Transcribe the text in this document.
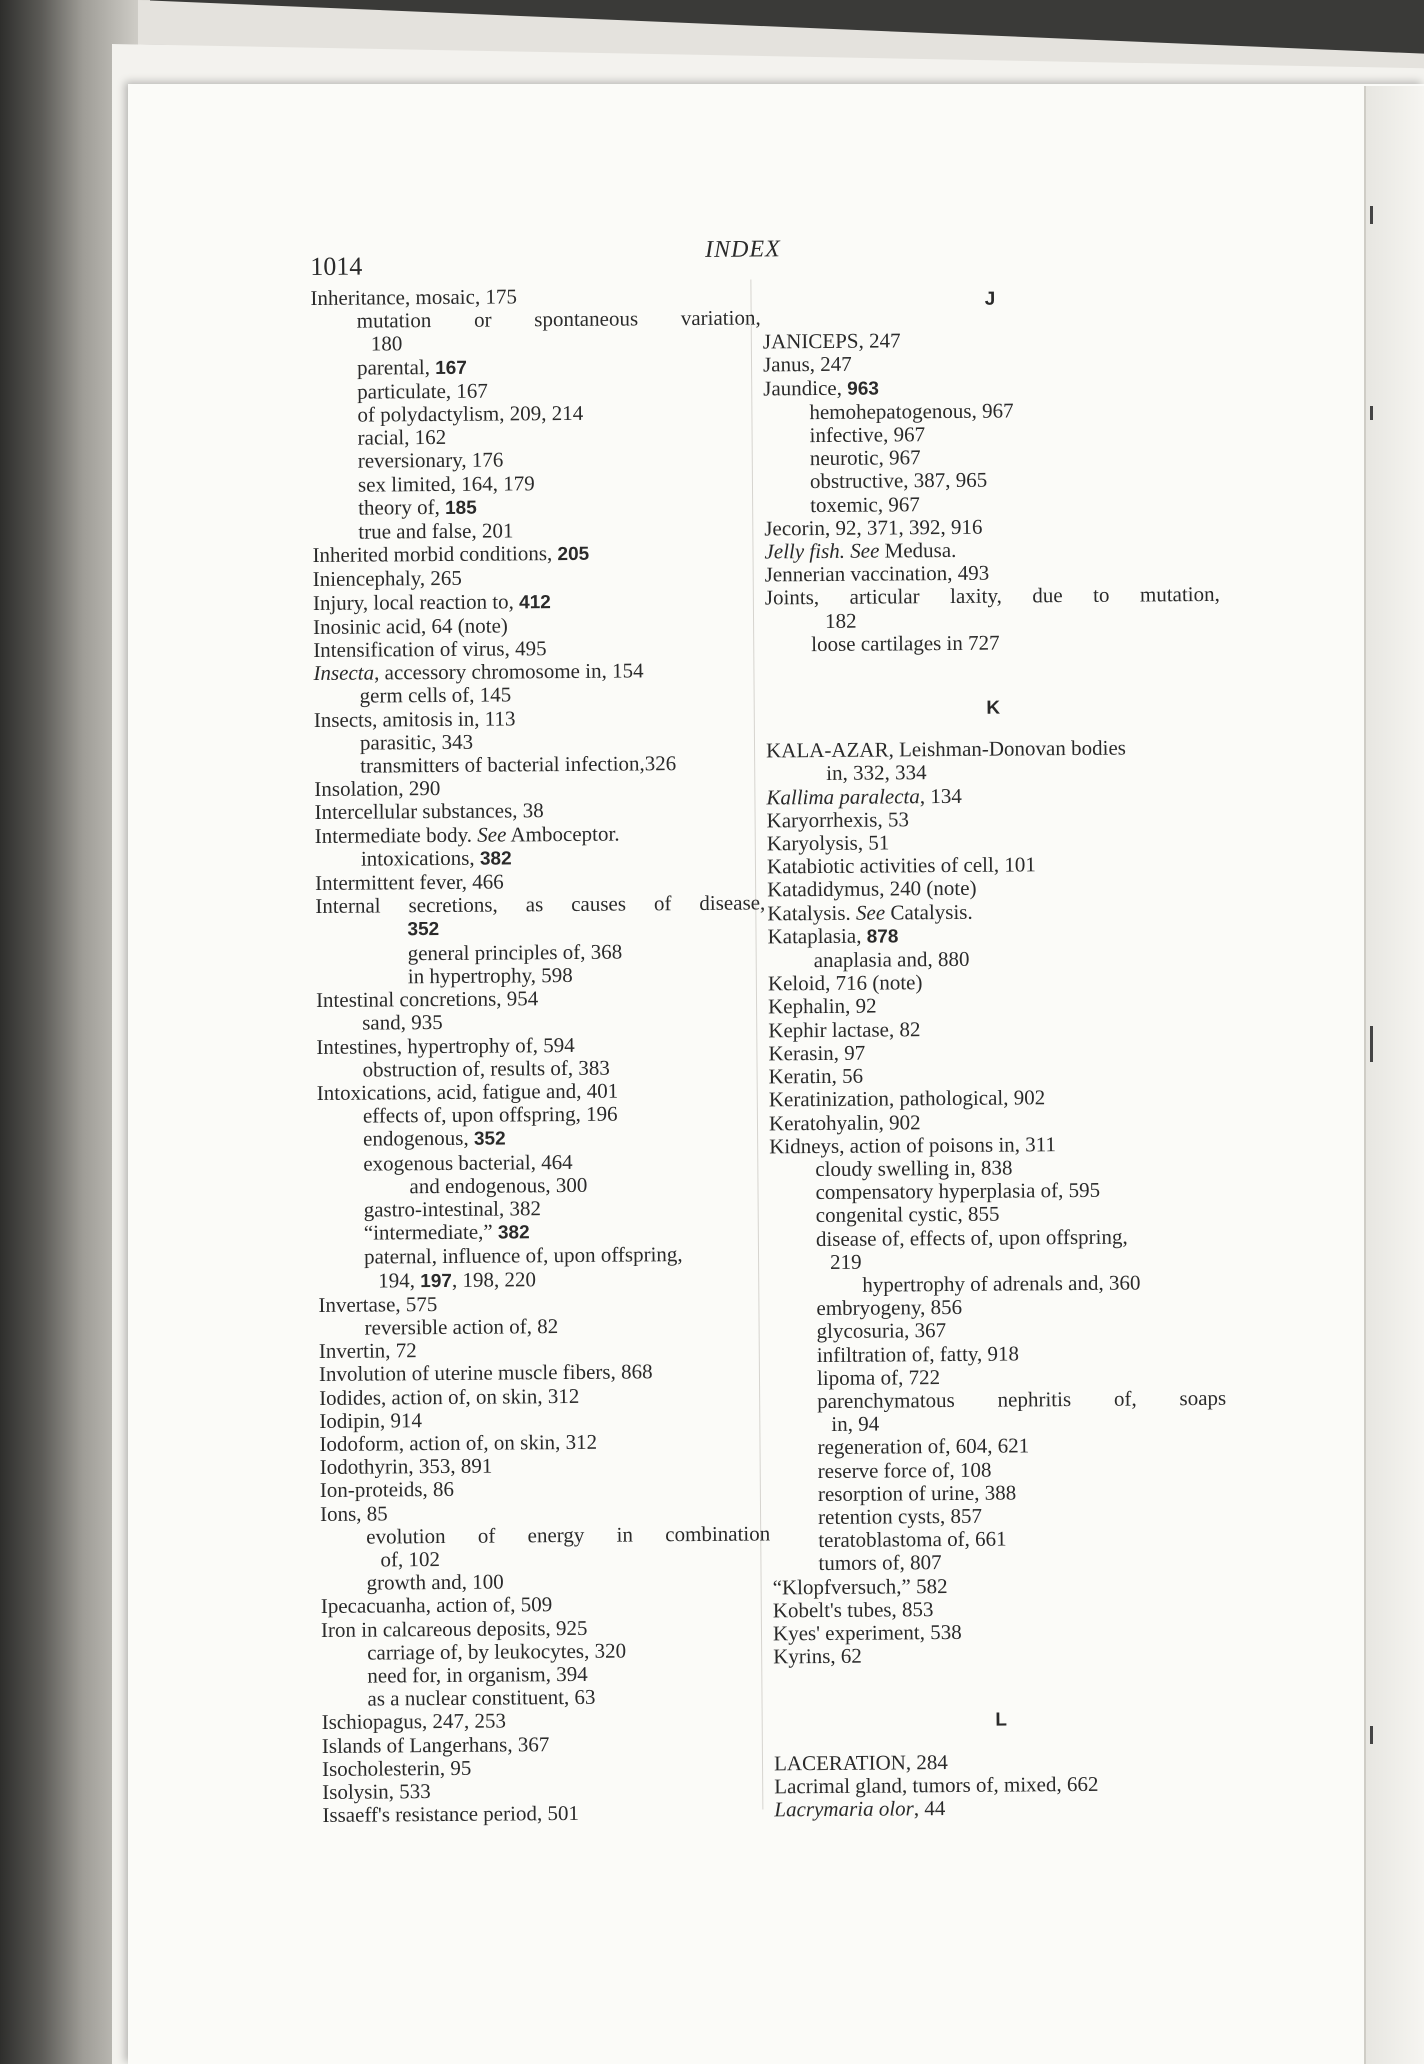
1014
INDEX
Inheritance, mosaic, 175
mutation or spontaneous variation,
180
parental, 167
particulate, 167
of polydactylism, 209, 214
racial, 162
reversionary, 176
sex limited, 164, 179
theory of, 185
true and false, 201
Inherited morbid conditions, 205
Iniencephaly, 265
Injury, local reaction to, 412
Inosinic acid, 64 (note)
Intensification of virus, 495
Insecta, accessory chromosome in, 154
germ cells of, 145
Insects, amitosis in, 113
parasitic, 343
transmitters of bacterial infection,326
Insolation, 290
Intercellular substances, 38
Intermediate body. See Amboceptor.
intoxications, 382
Intermittent fever, 466
Internal secretions, as causes of disease,
352
general principles of, 368
in hypertrophy, 598
Intestinal concretions, 954
sand, 935
Intestines, hypertrophy of, 594
obstruction of, results of, 383
Intoxications, acid, fatigue and, 401
effects of, upon offspring, 196
endogenous, 352
exogenous bacterial, 464
and endogenous, 300
gastro-intestinal, 382
“intermediate,” 382
paternal, influence of, upon offspring,
194, 197, 198, 220
Invertase, 575
reversible action of, 82
Invertin, 72
Involution of uterine muscle fibers, 868
Iodides, action of, on skin, 312
Iodipin, 914
Iodoform, action of, on skin, 312
Iodothyrin, 353, 891
Ion-proteids, 86
Ions, 85
evolution of energy in combination
of, 102
growth and, 100
Ipecacuanha, action of, 509
Iron in calcareous deposits, 925
carriage of, by leukocytes, 320
need for, in organism, 394
as a nuclear constituent, 63
Ischiopagus, 247, 253
Islands of Langerhans, 367
Isocholesterin, 95
Isolysin, 533
Issaeff's resistance period, 501
J
JANICEPS, 247
Janus, 247
Jaundice, 963
hemohepatogenous, 967
infective, 967
neurotic, 967
obstructive, 387, 965
toxemic, 967
Jecorin, 92, 371, 392, 916
Jelly fish. See Medusa.
Jennerian vaccination, 493
Joints, articular laxity, due to mutation,
182
loose cartilages in 727
K
KALA-AZAR, Leishman-Donovan bodies
in, 332, 334
Kallima paralecta, 134
Karyorrhexis, 53
Karyolysis, 51
Katabiotic activities of cell, 101
Katadidymus, 240 (note)
Katalysis. See Catalysis.
Kataplasia, 878
anaplasia and, 880
Keloid, 716 (note)
Kephalin, 92
Kephir lactase, 82
Kerasin, 97
Keratin, 56
Keratinization, pathological, 902
Keratohyalin, 902
Kidneys, action of poisons in, 311
cloudy swelling in, 838
compensatory hyperplasia of, 595
congenital cystic, 855
disease of, effects of, upon offspring,
219
hypertrophy of adrenals and, 360
embryogeny, 856
glycosuria, 367
infiltration of, fatty, 918
lipoma of, 722
parenchymatous nephritis of, soaps
in, 94
regeneration of, 604, 621
reserve force of, 108
resorption of urine, 388
retention cysts, 857
teratoblastoma of, 661
tumors of, 807
“Klopfversuch,” 582
Kobelt's tubes, 853
Kyes' experiment, 538
Kyrins, 62
L
LACERATION, 284
Lacrimal gland, tumors of, mixed, 662
Lacrymaria olor, 44
